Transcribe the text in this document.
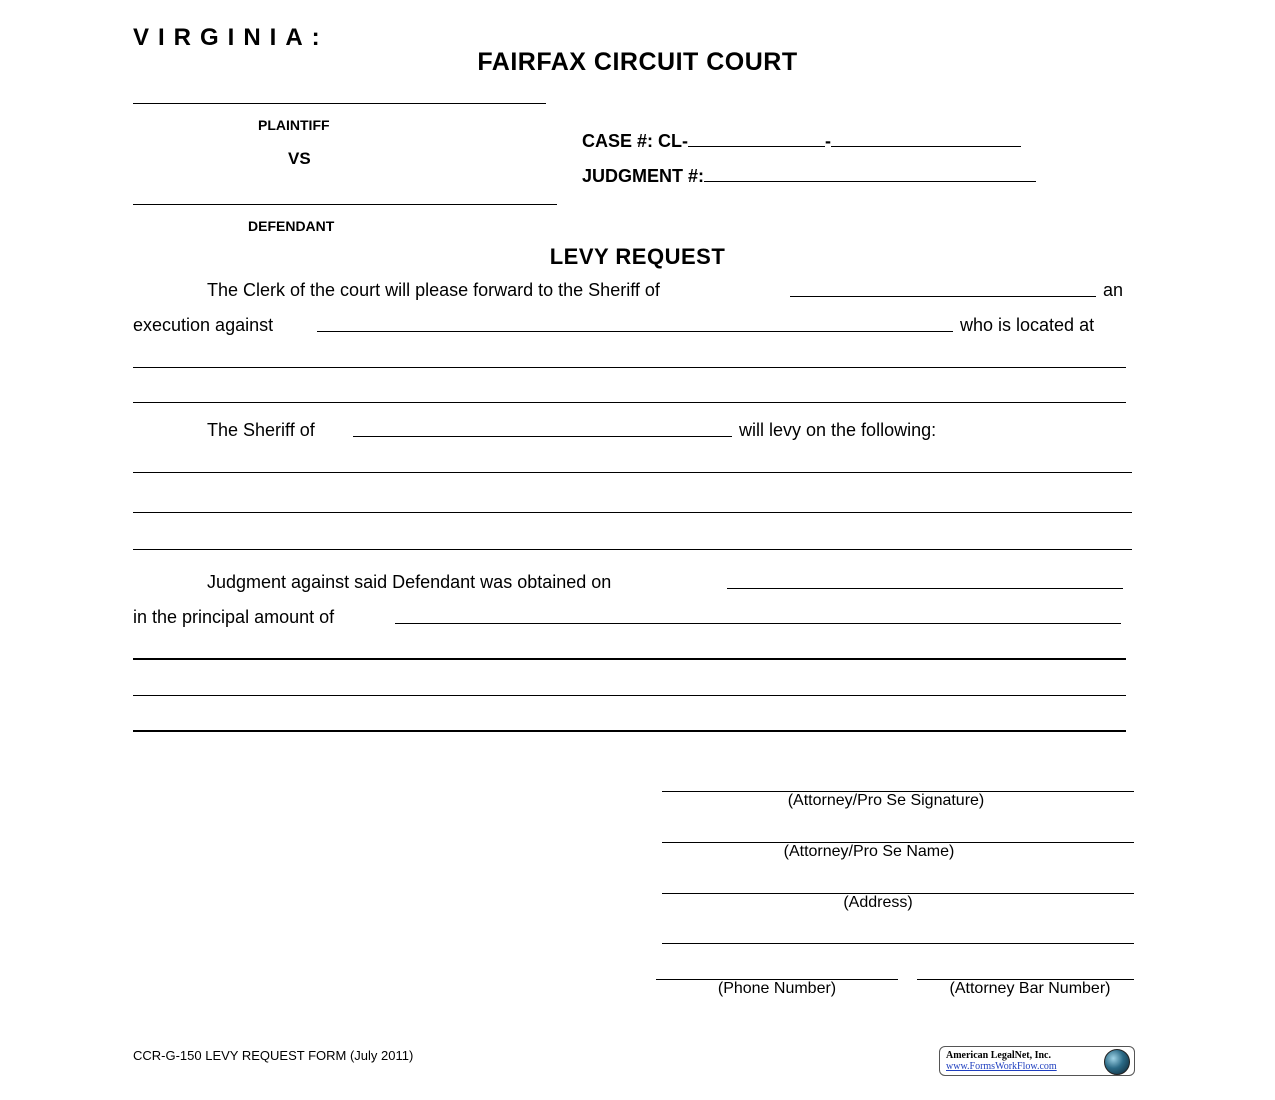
VIRGINIA:
FAIRFAX CIRCUIT COURT
PLAINTIFF
VS
DEFENDANT
CASE #: CL-	-
JUDGMENT #:
LEVY REQUEST
The Clerk of the court will please forward to the Sheriff of	an
execution against	who is located at
The Sheriff of	will levy on the following:
Judgment against said Defendant was obtained on
in the principal amount of
(Attorney/Pro Se Signature)
(Attorney/Pro Se Name)
(Address)
(Phone Number)	(Attorney Bar Number)
CCR-G-150 LEVY REQUEST FORM (July 2011)	American LegalNet, Inc.
www.FormsWorkFlow.com
